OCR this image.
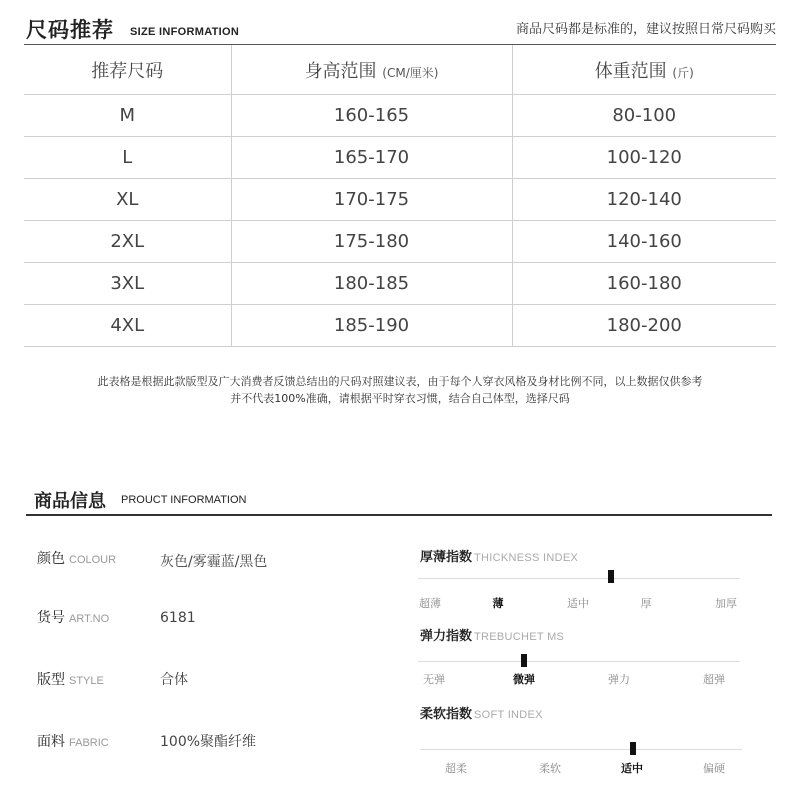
尺码推荐 SIZE INFORMATION	商品尺码都是标准的，建议按照日常尺码购买
推荐尺码	身高范围 (CM/厘米)	体重范围 (斤)
M	160-165	80-100
L	165-170	100-120
XL	170-175	120-140
2XL	175-180	140-160
3XL	180-185	160-180
4XL	185-190	180-200
此表格是根据此款版型及广大消费者反馈总结出的尺码对照建议表，由于每个人穿衣风格及身材比例不同，以上数据仅供参考
并不代表100%准确，请根据平时穿衣习惯，结合自己体型，选择尺码
商品信息 PROUCT INFORMATION
颜色 COLOUR	灰色/雾霾蓝/黑色
货号 ART.NO	6181
版型 STYLE	合体
面料 FABRIC	100%聚酯纤维
厚薄指数 THICKNESS INDEX
超薄	薄	适中	厚	加厚
弹力指数 TREBUCHET MS
无弹	微弹	弹力	超弹
柔软指数 SOFT INDEX
超柔	柔软	适中	偏硬
